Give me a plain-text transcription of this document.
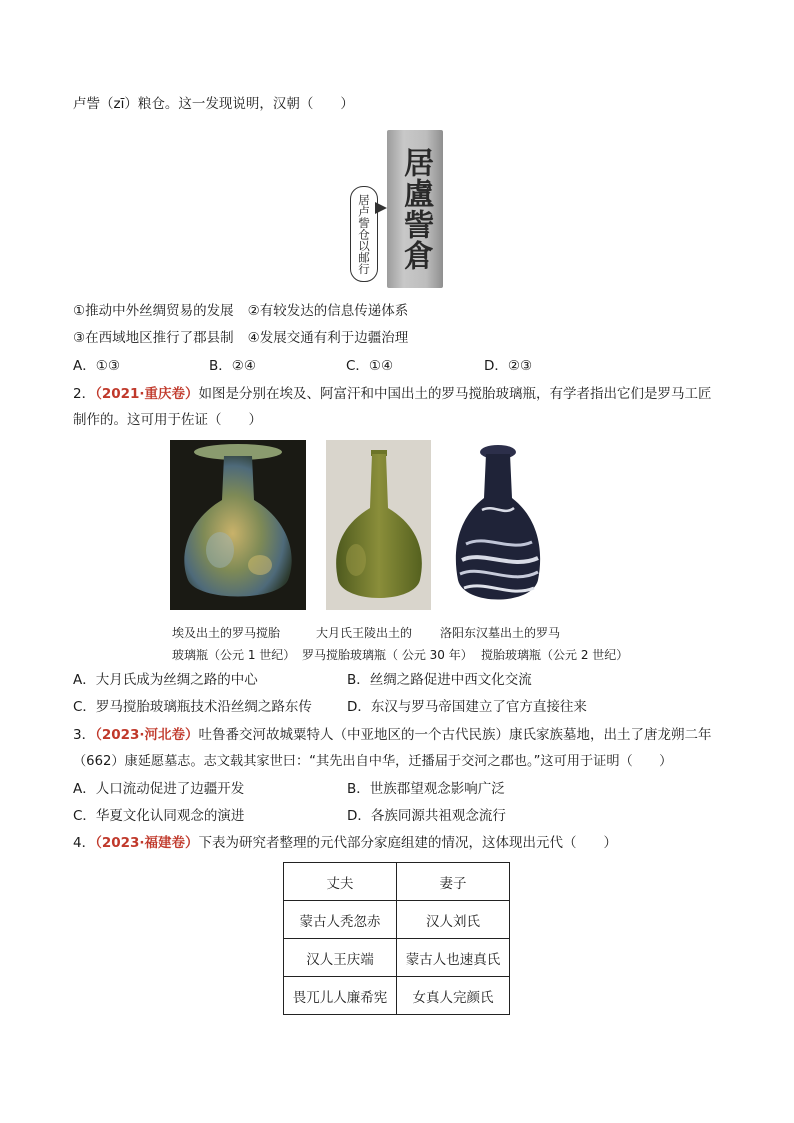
卢訾（zī）粮仓。这一发现说明，汉朝（　　）
居卢訾仓以邮行
居盧訾倉
①推动中外丝绸贸易的发展 ②有较发达的信息传递体系
③在西域地区推行了郡县制 ④发展交通有利于边疆治理
A．①③	B．②④	C．①④	D．②③
2．（2021·重庆卷）如图是分别在埃及、阿富汗和中国出土的罗马搅胎玻璃瓶，有学者指出它们是罗马工匠
制作的。这可用于佐证（　　）
埃及出土的罗马搅胎
玻璃瓶（公元 1 世纪）
大月氏王陵出土的
罗马搅胎玻璃瓶（ 公元 30 年）
洛阳东汉墓出土的罗马
搅胎玻璃瓶（公元 2 世纪）
A．大月氏成为丝绸之路的中心	B．丝绸之路促进中西文化交流
C．罗马搅胎玻璃瓶技术沿丝绸之路东传	D．东汉与罗马帝国建立了官方直接往来
3．（2023·河北卷）吐鲁番交河故城粟特人（中亚地区的一个古代民族）康氏家族墓地，出土了唐龙朔二年
（662）康延愿墓志。志文载其家世曰：“其先出自中华，迁播届于交河之郡也。”这可用于证明（　　）
A．人口流动促进了边疆开发	B．世族郡望观念影响广泛
C．华夏文化认同观念的演进	D．各族同源共祖观念流行
4．（2023·福建卷）下表为研究者整理的元代部分家庭组建的情况，这体现出元代（　　）
丈夫	妻子
蒙古人秃忽赤	汉人刘氏
汉人王庆端	蒙古人也速真氏
畏兀儿人廉希宪	女真人完颜氏
